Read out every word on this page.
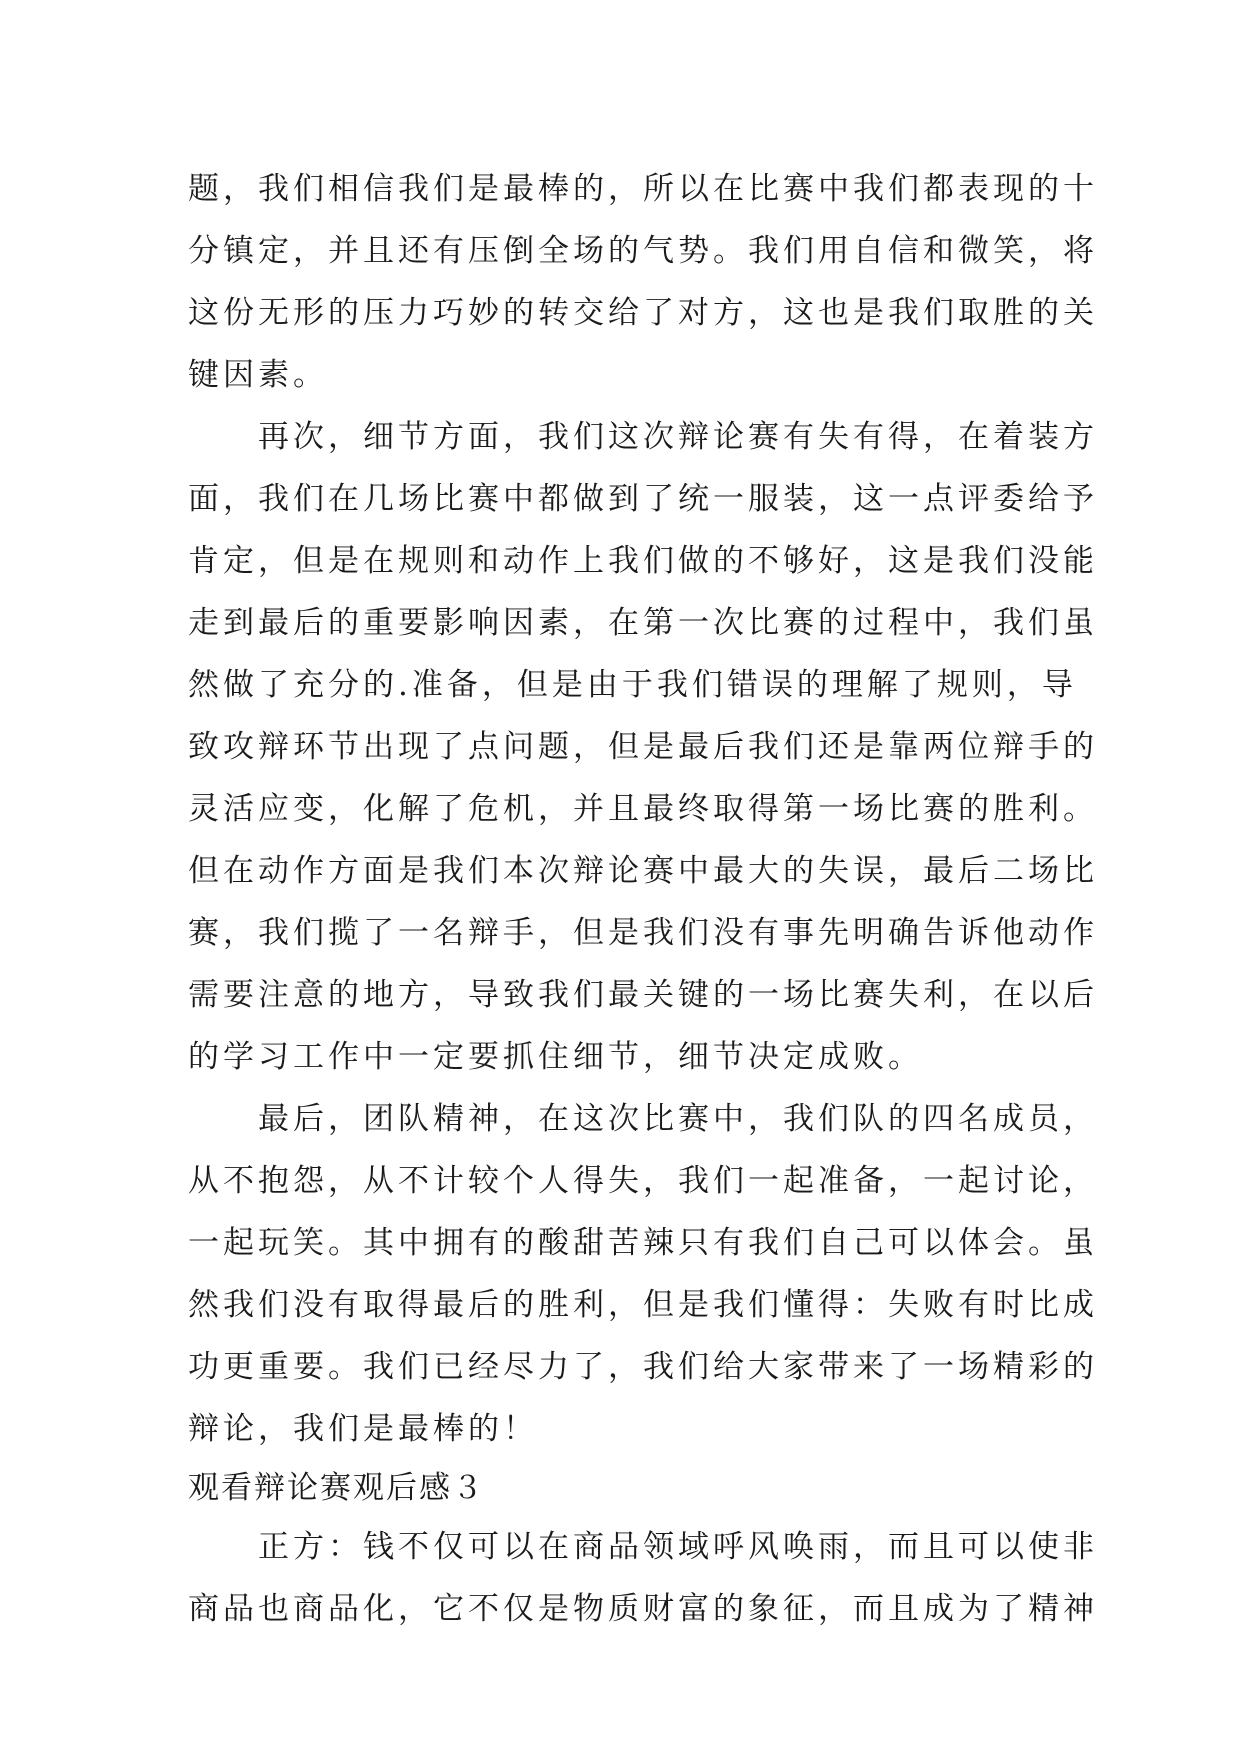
题，我们相信我们是最棒的，所以在比赛中我们都表现的十
分镇定，并且还有压倒全场的气势。我们用自信和微笑，将
这份无形的压力巧妙的转交给了对方，这也是我们取胜的关
键因素。
　　再次，细节方面，我们这次辩论赛有失有得，在着装方
面，我们在几场比赛中都做到了统一服装，这一点评委给予
肯定，但是在规则和动作上我们做的不够好，这是我们没能
走到最后的重要影响因素，在第一次比赛的过程中，我们虽
然做了充分的.准备，但是由于我们错误的理解了规则，导
致攻辩环节出现了点问题，但是最后我们还是靠两位辩手的
灵活应变，化解了危机，并且最终取得第一场比赛的胜利。
但在动作方面是我们本次辩论赛中最大的失误，最后二场比
赛，我们揽了一名辩手，但是我们没有事先明确告诉他动作
需要注意的地方，导致我们最关键的一场比赛失利，在以后
的学习工作中一定要抓住细节，细节决定成败。
　　最后，团队精神，在这次比赛中，我们队的四名成员，
从不抱怨，从不计较个人得失，我们一起准备，一起讨论，
一起玩笑。其中拥有的酸甜苦辣只有我们自己可以体会。虽
然我们没有取得最后的胜利，但是我们懂得：失败有时比成
功更重要。我们已经尽力了，我们给大家带来了一场精彩的
辩论，我们是最棒的！
观看辩论赛观后感３
　　正方：钱不仅可以在商品领域呼风唤雨，而且可以使非
商品也商品化，它不仅是物质财富的象征，而且成为了精神
